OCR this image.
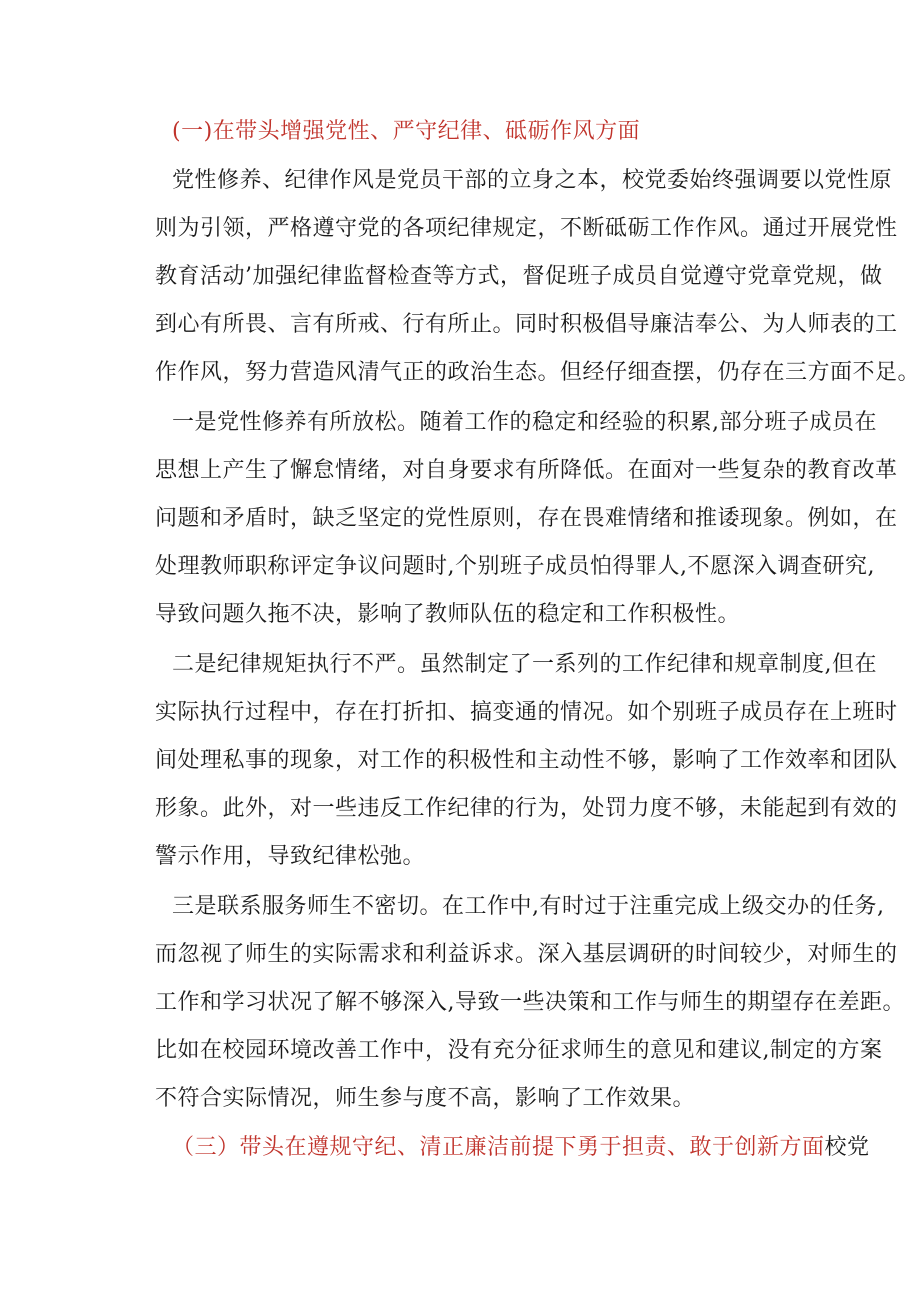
(一)在带头增强党性、严守纪律、砥砺作风方面
党性修养、纪律作风是党员干部的立身之本，校党委始终强调要以党性原
则为引领，严格遵守党的各项纪律规定，不断砥砺工作作风。通过开展党性
教育活动’加强纪律监督检查等方式，督促班子成员自觉遵守党章党规，做
到心有所畏、言有所戒、行有所止。同时积极倡导廉洁奉公、为人师表的工
作作风，努力营造风清气正的政治生态。但经仔细查摆，仍存在三方面不足。
一是党性修养有所放松。随着工作的稳定和经验的积累,部分班子成员在
思想上产生了懈怠情绪，对自身要求有所降低。在面对一些复杂的教育改革
问题和矛盾时，缺乏坚定的党性原则，存在畏难情绪和推诿现象。例如，在
处理教师职称评定争议问题时,个别班子成员怕得罪人,不愿深入调查研究,
导致问题久拖不决，影响了教师队伍的稳定和工作积极性。
二是纪律规矩执行不严。虽然制定了一系列的工作纪律和规章制度,但在
实际执行过程中，存在打折扣、搞变通的情况。如个别班子成员存在上班时
间处理私事的现象，对工作的积极性和主动性不够，影响了工作效率和团队
形象。此外，对一些违反工作纪律的行为，处罚力度不够，未能起到有效的
警示作用，导致纪律松弛。
三是联系服务师生不密切。在工作中,有时过于注重完成上级交办的任务,
而忽视了师生的实际需求和利益诉求。深入基层调研的时间较少，对师生的
工作和学习状况了解不够深入,导致一些决策和工作与师生的期望存在差距。
比如在校园环境改善工作中，没有充分征求师生的意见和建议,制定的方案
不符合实际情况，师生参与度不高，影响了工作效果。
（三）带头在遵规守纪、清正廉洁前提下勇于担责、敢于创新方面校党
